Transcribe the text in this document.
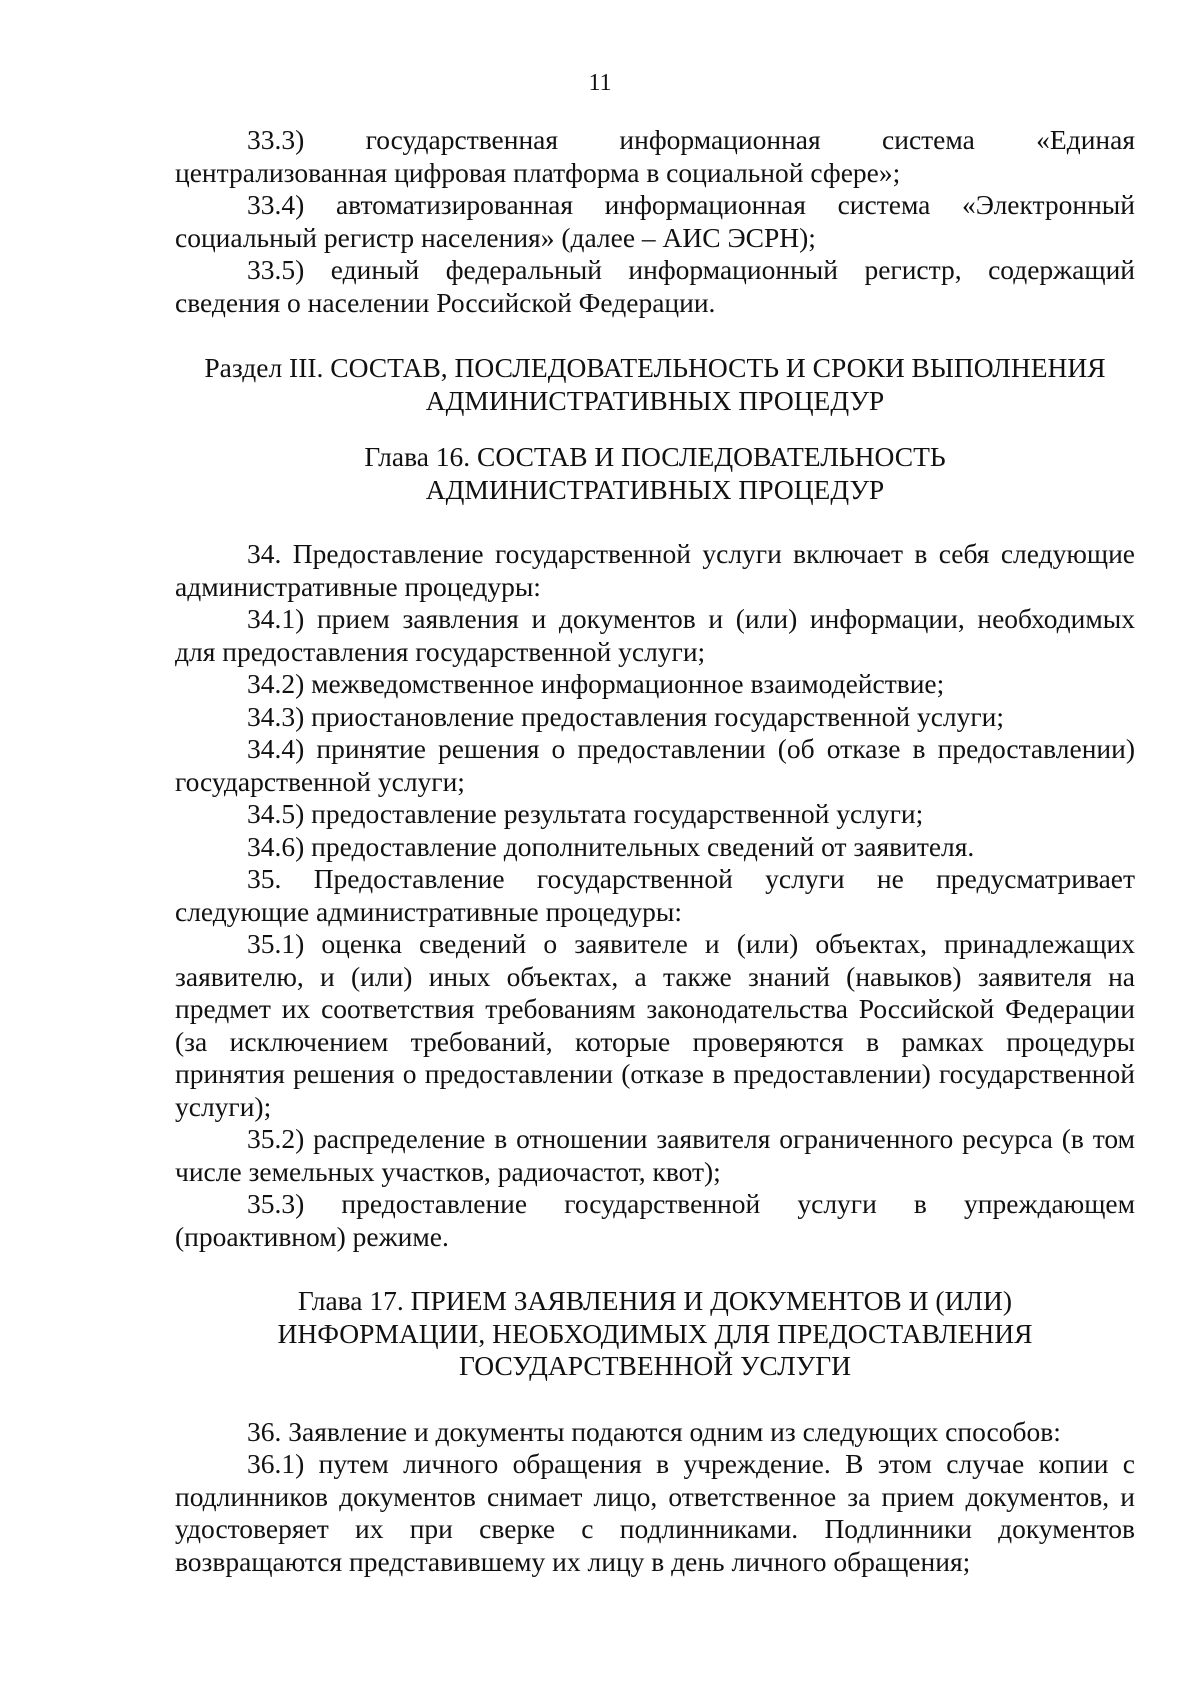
11

33.3) государственная информационная система «Единая централизованная цифровая платформа в социальной сфере»;

33.4) автоматизированная информационная система «Электронный социальный регистр населения» (далее – АИС ЭСРН);

33.5) единый федеральный информационный регистр, содержащий сведения о населении Российской Федерации.

Раздел III. СОСТАВ, ПОСЛЕДОВАТЕЛЬНОСТЬ И СРОКИ ВЫПОЛНЕНИЯ
АДМИНИСТРАТИВНЫХ ПРОЦЕДУР
Глава 16. СОСТАВ И ПОСЛЕДОВАТЕЛЬНОСТЬ
АДМИНИСТРАТИВНЫХ ПРОЦЕДУР

34. Предоставление государственной услуги включает в себя следующие административные процедуры:

34.1) прием заявления и документов и (или) информации, необходимых для предоставления государственной услуги;

34.2) межведомственное информационное взаимодействие;

34.3) приостановление предоставления государственной услуги;

34.4) принятие решения о предоставлении (об отказе в предоставлении) государственной услуги;

34.5) предоставление результата государственной услуги;

34.6) предоставление дополнительных сведений от заявителя.

35. Предоставление государственной услуги не предусматривает следующие административные процедуры:

35.1) оценка сведений о заявителе и (или) объектах, принадлежащих заявителю, и (или) иных объектах, а также знаний (навыков) заявителя на предмет их соответствия требованиям законодательства Российской Федерации (за исключением требований, которые проверяются в рамках процедуры принятия решения о предоставлении (отказе в предоставлении) государственной услуги);

35.2) распределение в отношении заявителя ограниченного ресурса (в том числе земельных участков, радиочастот, квот);

35.3) предоставление государственной услуги в упреждающем (проактивном) режиме.

Глава 17. ПРИЕМ ЗАЯВЛЕНИЯ И ДОКУМЕНТОВ И (ИЛИ)
ИНФОРМАЦИИ, НЕОБХОДИМЫХ ДЛЯ ПРЕДОСТАВЛЕНИЯ
ГОСУДАРСТВЕННОЙ УСЛУГИ

36. Заявление и документы подаются одним из следующих способов:

36.1) путем личного обращения в учреждение. В этом случае копии с подлинников документов снимает лицо, ответственное за прием документов, и удостоверяет их при сверке с подлинниками. Подлинники документов возвращаются представившему их лицу в день личного обращения;
